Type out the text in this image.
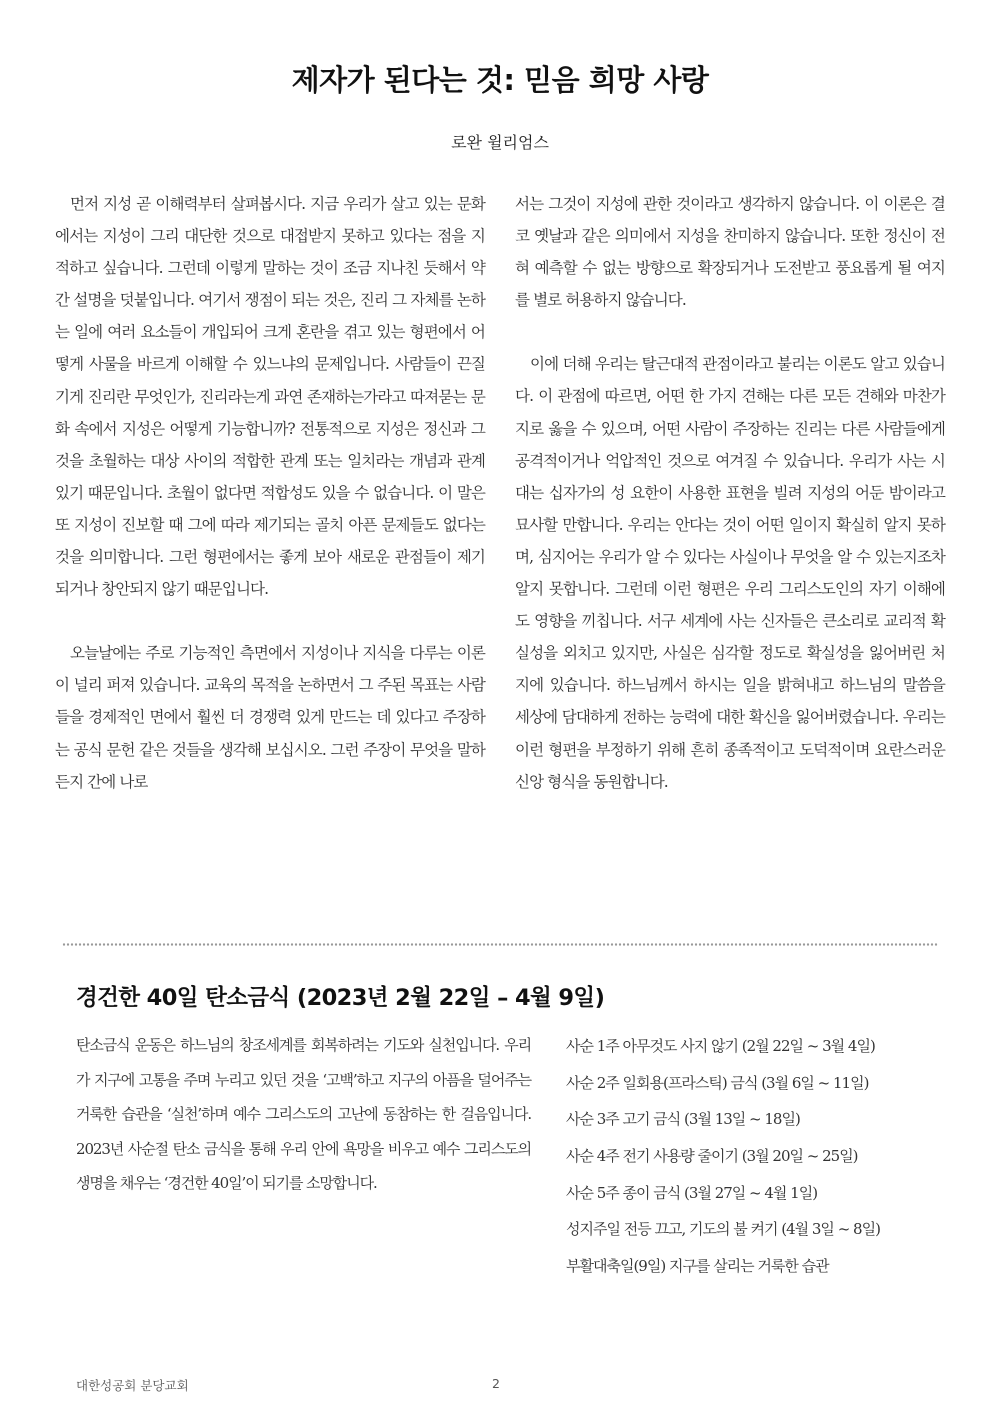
제자가 된다는 것: 믿음 희망 사랑
로완 윌리엄스

먼저 지성 곧 이해력부터 살펴봅시다. 지금 우리가 살고 있는 문화에서는 지성이 그리 대단한 것으로 대접받지 못하고 있다는 점을 지적하고 싶습니다. 그런데 이렇게 말하는 것이 조금 지나친 듯해서 약간 설명을 덧붙입니다. 여기서 쟁점이 되는 것은, 진리 그 자체를 논하는 일에 여러 요소들이 개입되어 크게 혼란을 겪고 있는 형편에서 어떻게 사물을 바르게 이해할 수 있느냐의 문제입니다. 사람들이 끈질기게 진리란 무엇인가, 진리라는게 과연 존재하는가라고 따져묻는 문화 속에서 지성은 어떻게 기능합니까? 전통적으로 지성은 정신과 그것을 초월하는 대상 사이의 적합한 관계 또는 일치라는 개념과 관계 있기 때문입니다. 초월이 없다면 적합성도 있을 수 없습니다. 이 말은 또 지성이 진보할 때 그에 따라 제기되는 골치 아픈 문제들도 없다는 것을 의미합니다. 그런 형편에서는 좋게 보아 새로운 관점들이 제기되거나 창안되지 않기 때문입니다.

오늘날에는 주로 기능적인 측면에서 지성이나 지식을 다루는 이론이 널리 퍼져 있습니다. 교육의 목적을 논하면서 그 주된 목표는 사람들을 경제적인 면에서 훨씬 더 경쟁력 있게 만드는 데 있다고 주장하는 공식 문헌 같은 것들을 생각해 보십시오. 그런 주장이 무엇을 말하든지 간에 나로

서는 그것이 지성에 관한 것이라고 생각하지 않습니다. 이 이론은 결코 옛날과 같은 의미에서 지성을 찬미하지 않습니다. 또한 정신이 전혀 예측할 수 없는 방향으로 확장되거나 도전받고 풍요롭게 될 여지를 별로 허용하지 않습니다.

이에 더해 우리는 탈근대적 관점이라고 불리는 이론도 알고 있습니다. 이 관점에 따르면, 어떤 한 가지 견해는 다른 모든 견해와 마찬가지로 옳을 수 있으며, 어떤 사람이 주장하는 진리는 다른 사람들에게 공격적이거나 억압적인 것으로 여겨질 수 있습니다. 우리가 사는 시대는 십자가의 성 요한이 사용한 표현을 빌려 지성의 어둔 밤이라고 묘사할 만합니다. 우리는 안다는 것이 어떤 일이지 확실히 알지 못하며, 심지어는 우리가 알 수 있다는 사실이나 무엇을 알 수 있는지조차 알지 못합니다. 그런데 이런 형편은 우리 그리스도인의 자기 이해에도 영향을 끼칩니다. 서구 세계에 사는 신자들은 큰소리로 교리적 확실성을 외치고 있지만, 사실은 심각할 정도로 확실성을 잃어버린 처지에 있습니다. 하느님께서 하시는 일을 밝혀내고 하느님의 말씀을 세상에 담대하게 전하는 능력에 대한 확신을 잃어버렸습니다. 우리는 이런 형편을 부정하기 위해 흔히 종족적이고 도덕적이며 요란스러운 신앙 형식을 동원합니다.

경건한 40일 탄소금식 (2023년 2월 22일 – 4월 9일)

탄소금식 운동은 하느님의 창조세계를 회복하려는 기도와 실천입니다. 우리가 지구에 고통을 주며 누리고 있던 것을 ‘고백’하고 지구의 아픔을 덜어주는 거룩한 습관을 ‘실천’하며 예수 그리스도의 고난에 동참하는 한 걸음입니다. 2023년 사순절 탄소 금식을 통해 우리 안에 욕망을 비우고 예수 그리스도의 생명을 채우는 ‘경건한 40일’이 되기를 소망합니다.

사순 1주 아무것도 사지 않기 (2월 22일 ~ 3월 4일)
사순 2주 일회용(프라스틱) 금식 (3월 6일 ~ 11일)
사순 3주 고기 금식 (3월 13일 ~ 18일)
사순 4주 전기 사용량 줄이기 (3월 20일 ~ 25일)
사순 5주 종이 금식 (3월 27일 ~ 4월 1일)
성지주일 전등 끄고, 기도의 불 켜기 (4월 3일 ~ 8일)
부활대축일(9일) 지구를 살리는 거룩한 습관
대한성공회 분당교회	2
